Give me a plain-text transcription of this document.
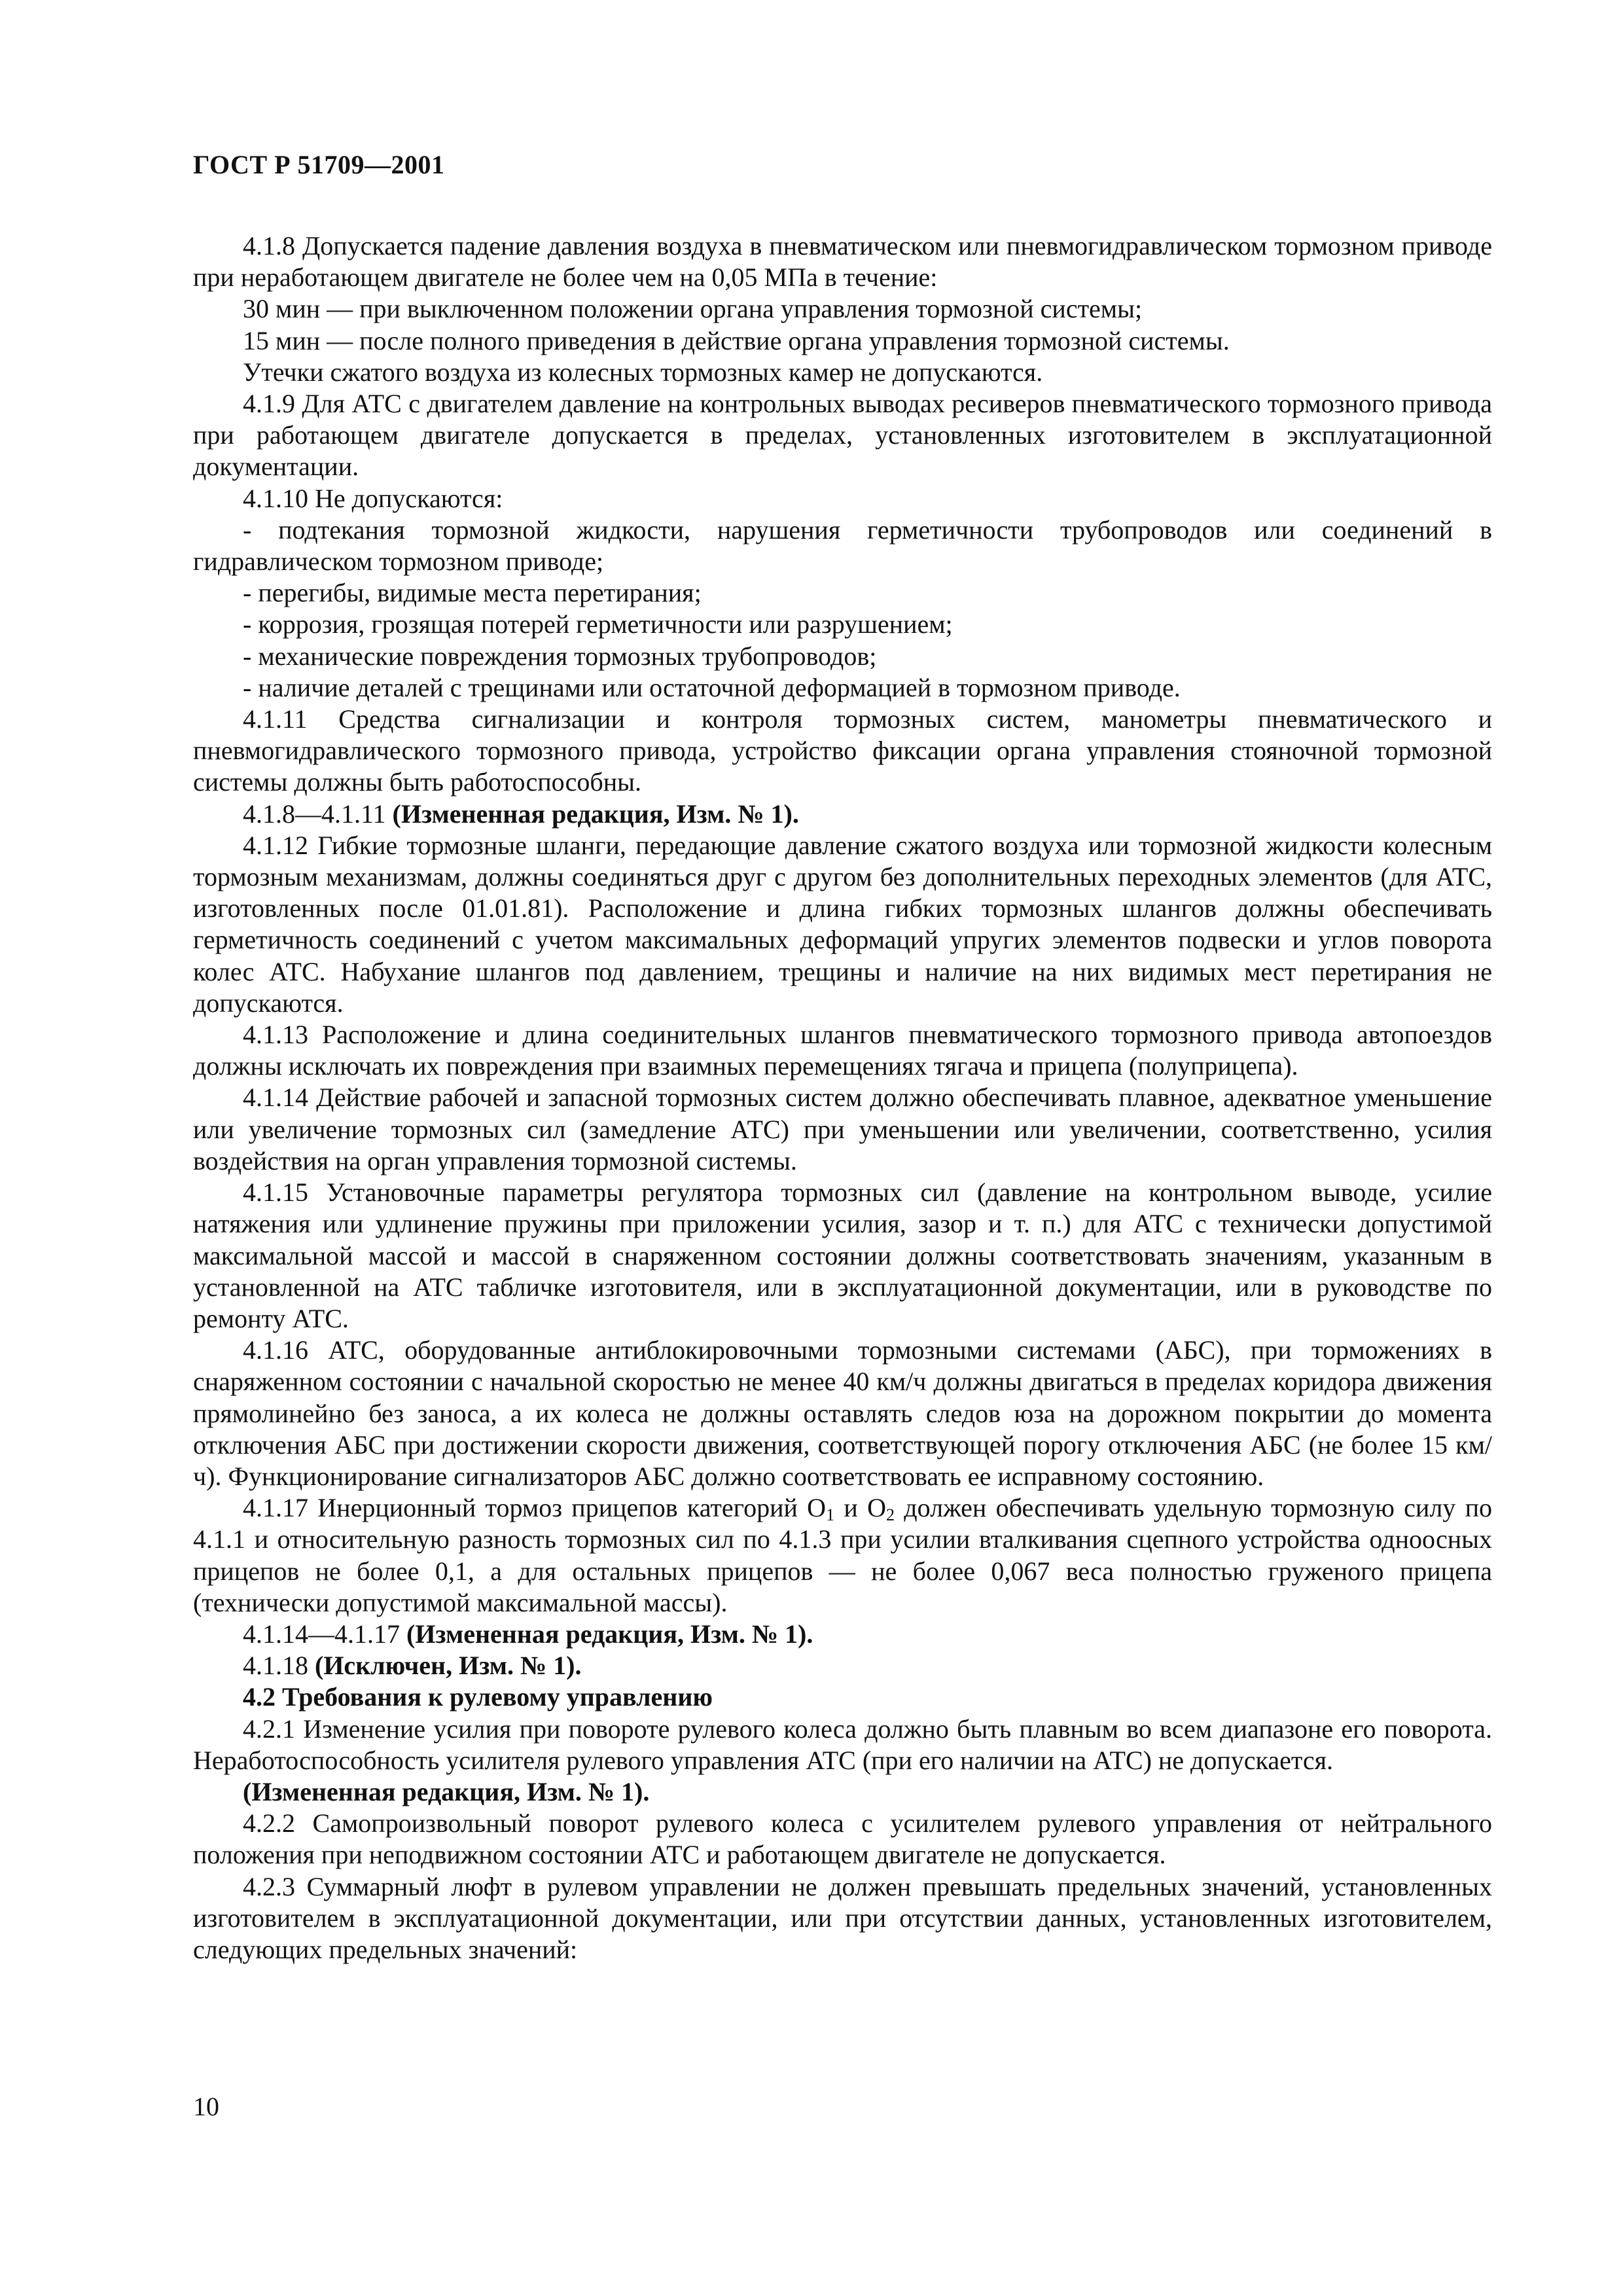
ГОСТ Р 51709—2001

4.1.8 Допускается падение давления воздуха в пневматическом или пневмогидравлическом тормозном приводе при неработающем двигателе не более чем на 0,05 МПа в течение:

30 мин — при выключенном положении органа управления тормозной системы;

15 мин — после полного приведения в действие органа управления тормозной системы.

Утечки сжатого воздуха из колесных тормозных камер не допускаются.

4.1.9 Для АТС с двигателем давление на контрольных выводах ресиверов пневматического тормозного привода при работающем двигателе допускается в пределах, установленных изготовителем в эксплуатационной документации.

4.1.10 Не допускаются:

- подтекания тормозной жидкости, нарушения герметичности трубопроводов или соединений в гидравлическом тормозном приводе;

- перегибы, видимые места перетирания;

- коррозия, грозящая потерей герметичности или разрушением;

- механические повреждения тормозных трубопроводов;

- наличие деталей с трещинами или остаточной деформацией в тормозном приводе.

4.1.11 Средства сигнализации и контроля тормозных систем, манометры пневматического и пневмогидравлического тормозного привода, устройство фиксации органа управления стояночной тормозной системы должны быть работоспособны.

4.1.8—4.1.11 (Измененная редакция, Изм. № 1).

4.1.12 Гибкие тормозные шланги, передающие давление сжатого воздуха или тормозной жидкости колесным тормозным механизмам, должны соединяться друг с другом без дополнительных переходных элементов (для АТС, изготовленных после 01.01.81). Расположение и длина гибких тормозных шлангов должны обеспечивать герметичность соединений с учетом максимальных деформаций упругих элементов подвески и углов поворота колес АТС. Набухание шлангов под давлением, трещины и наличие на них видимых мест перетирания не допускаются.

4.1.13 Расположение и длина соединительных шлангов пневматического тормозного привода автопоездов должны исключать их повреждения при взаимных перемещениях тягача и прицепа (полуприцепа).

4.1.14 Действие рабочей и запасной тормозных систем должно обеспечивать плавное, адекватное уменьшение или увеличение тормозных сил (замедление АТС) при уменьшении или увеличении, соответственно, усилия воздействия на орган управления тормозной системы.

4.1.15 Установочные параметры регулятора тормозных сил (давление на контрольном выводе, усилие натяжения или удлинение пружины при приложении усилия, зазор и т. п.) для АТС с технически допустимой максимальной массой и массой в снаряженном состоянии должны соответствовать значениям, указанным в установленной на АТС табличке изготовителя, или в эксплуатационной документации, или в руководстве по ремонту АТС.

4.1.16 АТС, оборудованные антиблокировочными тормозными системами (АБС), при торможениях в снаряженном состоянии с начальной скоростью не менее 40 км/ч должны двигаться в пределах коридора движения прямолинейно без заноса, а их колеса не должны оставлять следов юза на дорожном покрытии до момента отключения АБС при достижении скорости движения, соответствующей порогу отключения АБС (не более 15 км/ч). Функционирование сигнализаторов АБС должно соответствовать ее исправному состоянию.

4.1.17 Инерционный тормоз прицепов категорий $O_1$ и $O_2$ должен обеспечивать удельную тормозную силу по 4.1.1 и относительную разность тормозных сил по 4.1.3 при усилии вталкивания сцепного устройства одноосных прицепов не более 0,1, а для остальных прицепов — не более 0,067 веса полностью груженого прицепа (технически допустимой максимальной массы).

4.1.14—4.1.17 (Измененная редакция, Изм. № 1).

4.1.18 (Исключен, Изм. № 1).

4.2 Требования к рулевому управлению

4.2.1 Изменение усилия при повороте рулевого колеса должно быть плавным во всем диапазоне его поворота. Неработоспособность усилителя рулевого управления АТС (при его наличии на АТС) не допускается.

(Измененная редакция, Изм. № 1).

4.2.2 Самопроизвольный поворот рулевого колеса с усилителем рулевого управления от нейтрального положения при неподвижном состоянии АТС и работающем двигателе не допускается.

4.2.3 Суммарный люфт в рулевом управлении не должен превышать предельных значений, установленных изготовителем в эксплуатационной документации, или при отсутствии данных, установленных изготовителем, следующих предельных значений:

10
